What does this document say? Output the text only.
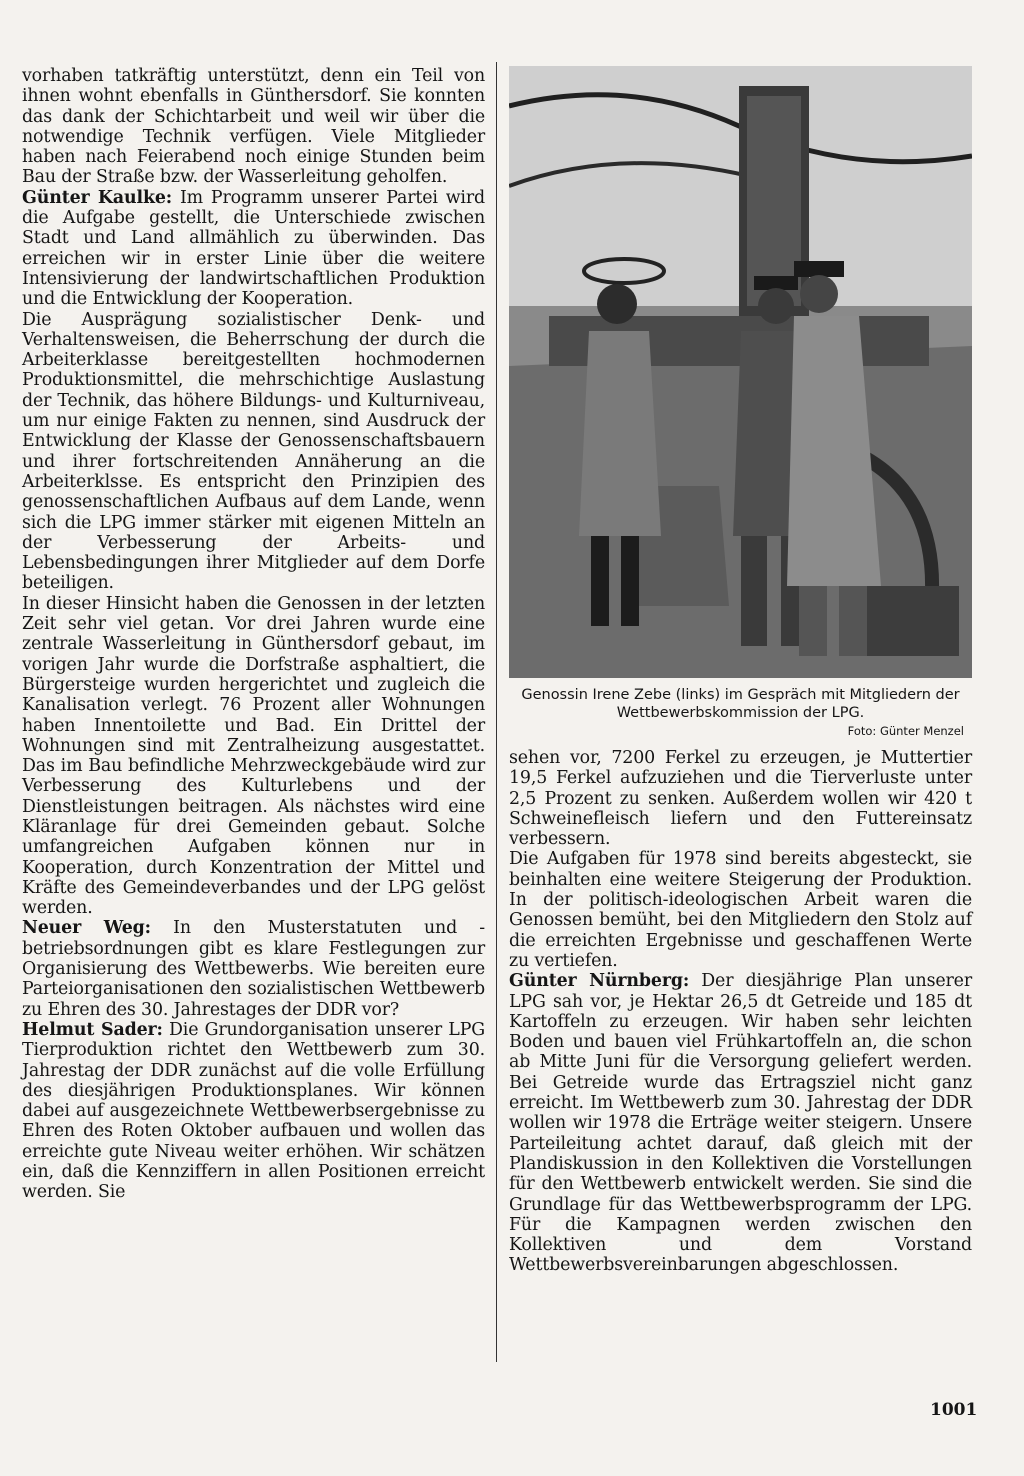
vorhaben tatkräftig unterstützt, denn ein Teil von ihnen wohnt ebenfalls in Günthersdorf. Sie konnten das dank der Schichtarbeit und weil wir über die notwendige Technik verfügen. Viele Mitglieder haben nach Feierabend noch einige Stunden beim Bau der Straße bzw. der Wasserleitung geholfen.

Günter Kaulke: Im Programm unserer Partei wird die Aufgabe gestellt, die Unterschiede zwischen Stadt und Land allmählich zu überwinden. Das erreichen wir in erster Linie über die weitere Intensivierung der landwirtschaftlichen Produktion und die Entwicklung der Kooperation.

Die Ausprägung sozialistischer Denk- und Verhaltensweisen, die Beherrschung der durch die Arbeiterklasse bereitgestellten hochmodernen Produktionsmittel, die mehrschichtige Auslastung der Technik, das höhere Bildungs- und Kulturniveau, um nur einige Fakten zu nennen, sind Ausdruck der Entwicklung der Klasse der Genossenschaftsbauern und ihrer fortschreitenden Annäherung an die Arbeiterklsse. Es entspricht den Prinzipien des genossenschaftlichen Aufbaus auf dem Lande, wenn sich die LPG immer stärker mit eigenen Mitteln an der Verbesserung der Arbeits- und Lebensbedingungen ihrer Mitglieder auf dem Dorfe beteiligen.

In dieser Hinsicht haben die Genossen in der letzten Zeit sehr viel getan. Vor drei Jahren wurde eine zentrale Wasserleitung in Günthersdorf gebaut, im vorigen Jahr wurde die Dorfstraße asphaltiert, die Bürgersteige wurden hergerichtet und zugleich die Kanalisation verlegt. 76 Prozent aller Wohnungen haben Innentoilette und Bad. Ein Drittel der Wohnungen sind mit Zentralheizung ausgestattet. Das im Bau befindliche Mehrzweckgebäude wird zur Verbesserung des Kulturlebens und der Dienstleistungen beitragen. Als nächstes wird eine Kläranlage für drei Gemeinden gebaut. Solche umfangreichen Aufgaben können nur in Kooperation, durch Konzentration der Mittel und Kräfte des Gemeindeverbandes und der LPG gelöst werden.

Neuer Weg: In den Musterstatuten und -betriebsordnungen gibt es klare Festlegungen zur Organisierung des Wettbewerbs. Wie bereiten eure Parteiorganisationen den sozialistischen Wettbewerb zu Ehren des 30. Jahrestages der DDR vor?

Helmut Sader: Die Grundorganisation unserer LPG Tierproduktion richtet den Wettbewerb zum 30. Jahrestag der DDR zunächst auf die volle Erfüllung des diesjährigen Produktionsplanes. Wir können dabei auf ausgezeichnete Wettbewerbsergebnisse zu Ehren des Roten Oktober aufbauen und wollen das erreichte gute Niveau weiter erhöhen. Wir schätzen ein, daß die Kennziffern in allen Positionen erreicht werden. Sie

Genossin Irene Zebe (links) im Gespräch mit Mitgliedern der Wettbewerbskommission der LPG.
Foto: Günter Menzel

sehen vor, 7200 Ferkel zu erzeugen, je Muttertier 19,5 Ferkel aufzuziehen und die Tierverluste unter 2,5 Prozent zu senken. Außerdem wollen wir 420 t Schweinefleisch liefern und den Futtereinsatz verbessern.

Die Aufgaben für 1978 sind bereits abgesteckt, sie beinhalten eine weitere Steigerung der Produktion. In der politisch-ideologischen Arbeit waren die Genossen bemüht, bei den Mitgliedern den Stolz auf die erreichten Ergebnisse und geschaffenen Werte zu vertiefen.

Günter Nürnberg: Der diesjährige Plan unserer LPG sah vor, je Hektar 26,5 dt Getreide und 185 dt Kartoffeln zu erzeugen. Wir haben sehr leichten Boden und bauen viel Frühkartoffeln an, die schon ab Mitte Juni für die Versorgung geliefert werden. Bei Getreide wurde das Ertragsziel nicht ganz erreicht. Im Wettbewerb zum 30. Jahrestag der DDR wollen wir 1978 die Erträge weiter steigern. Unsere Parteileitung achtet darauf, daß gleich mit der Plandiskussion in den Kollektiven die Vorstellungen für den Wettbewerb entwickelt werden. Sie sind die Grundlage für das Wettbewerbsprogramm der LPG. Für die Kampagnen werden zwischen den Kollektiven und dem Vorstand Wettbewerbsvereinbarungen abgeschlossen.

1001
